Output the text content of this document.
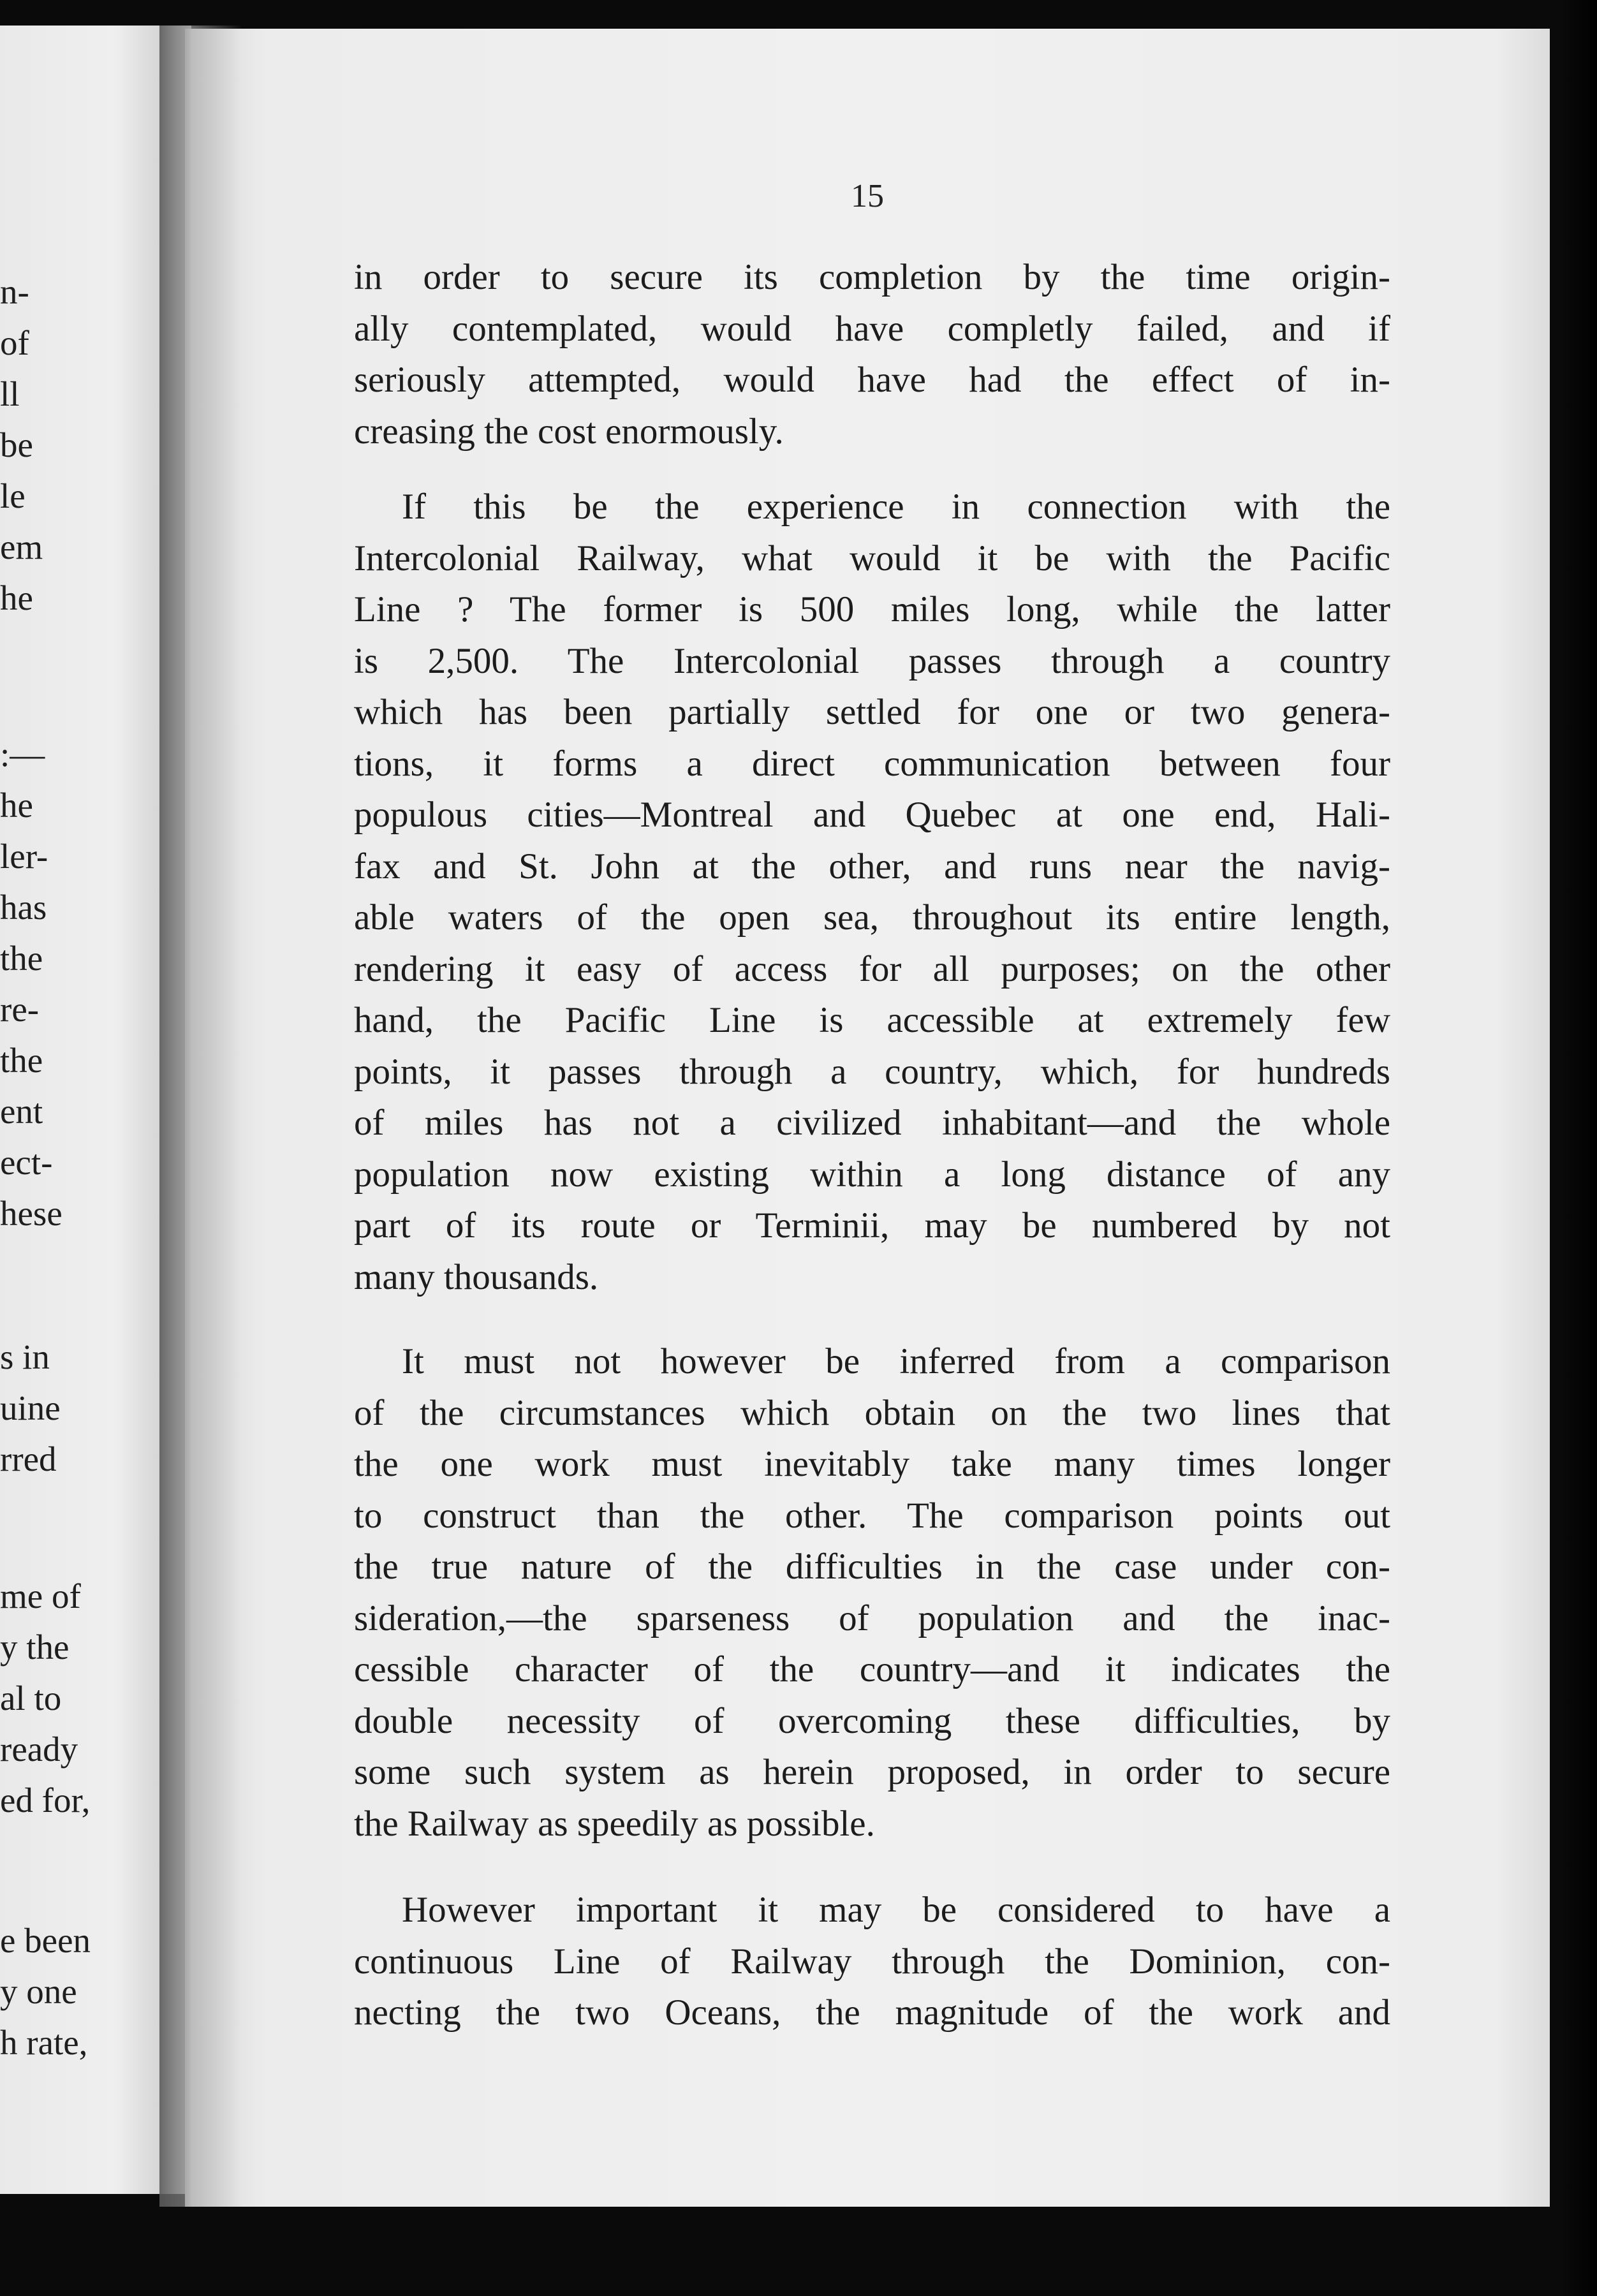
n-
of
ll
be
le
em
he
:—
he
ler-
has
the
re-
the
ent
ect-
hese
s in
uine
rred
me of
y the
al to
ready
ed for,
e been
y one
h rate,
15

in order to secure its completion by the time origin-
ally contemplated, would have completly failed, and if
seriously attempted, would have had the effect of in-
creasing the cost enormously.

If this be the experience in connection with the
Intercolonial Railway, what would it be with the Pacific
Line ? The former is 500 miles long, while the latter
is 2,500. The Intercolonial passes through a country
which has been partially settled for one or two genera-
tions, it forms a direct communication between four
populous cities—Montreal and Quebec at one end, Hali-
fax and St. John at the other, and runs near the navig-
able waters of the open sea, throughout its entire length,
rendering it easy of access for all purposes; on the other
hand, the Pacific Line is accessible at extremely few
points, it passes through a country, which, for hundreds
of miles has not a civilized inhabitant—and the whole
population now existing within a long distance of any
part of its route or Terminii, may be numbered by not
many thousands.

It must not however be inferred from a comparison
of the circumstances which obtain on the two lines that
the one work must inevitably take many times longer
to construct than the other. The comparison points out
the true nature of the difficulties in the case under con-
sideration,—the sparseness of population and the inac-
cessible character of the country—and it indicates the
double necessity of overcoming these difficulties, by
some such system as herein proposed, in order to secure
the Railway as speedily as possible.

However important it may be considered to have a
continuous Line of Railway through the Dominion, con-
necting the two Oceans, the magnitude of the work and
